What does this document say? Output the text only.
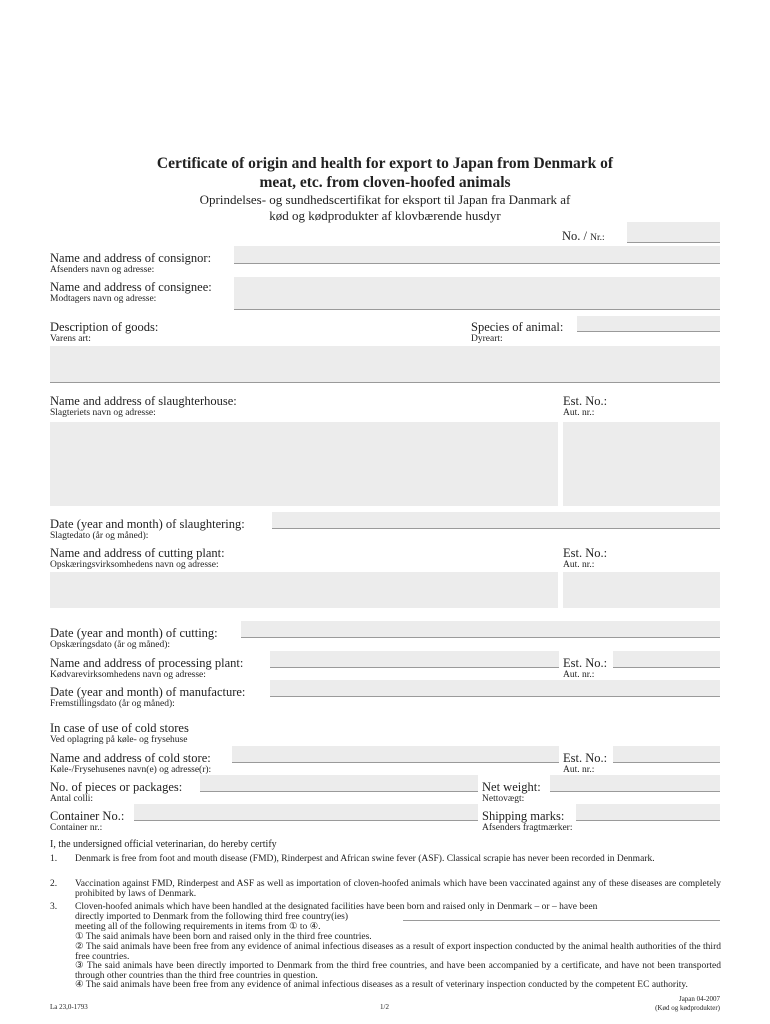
Certificate of origin and health for export to Japan from Denmark of
meat, etc. from cloven-hoofed animals
Oprindelses- og sundhedscertifikat for eksport til Japan fra Danmark af
kød og kødprodukter af klovbærende husdyr
No. / Nr.:
Name and address of consignor:
Afsenders navn og adresse:
Name and address of consignee:
Modtagers navn og adresse:
Description of goods:
Varens art:
Species of animal:
Dyreart:
Name and address of slaughterhouse:
Slagteriets navn og adresse:
Est. No.:
Aut. nr.:
Date (year and month) of slaughtering:
Slagtedato (år og måned):
Name and address of cutting plant:
Opskæringsvirksomhedens navn og adresse:
Est. No.:
Aut. nr.:
Date (year and month) of cutting:
Opskæringsdato (år og måned):
Name and address of processing plant:
Kødvarevirksomhedens navn og adresse:
Est. No.:
Aut. nr.:
Date (year and month) of manufacture:
Fremstillingsdato (år og måned):
In case of use of cold stores
Ved oplagring på køle- og frysehuse
Name and address of cold store:
Køle-/Frysehusenes navn(e) og adresse(r):
Est. No.:
Aut. nr.:
No. of pieces or packages:
Antal colli:
Net weight:
Nettovægt:
Container No.:
Container nr.:
Shipping marks:
Afsenders fragtmærker:
I, the undersigned official veterinarian, do hereby certify
1. Denmark is free from foot and mouth disease (FMD), Rinderpest and African swine fever (ASF). Classical scrapie has never been recorded in Denmark.
2. Vaccination against FMD, Rinderpest and ASF as well as importation of cloven-hoofed animals which have been vaccinated against any of these diseases are completely prohibited by laws of Denmark.
3. Cloven-hoofed animals which have been handled at the designated facilities have been born and raised only in Denmark – or – have been
directly imported to Denmark from the following third free country(ies)
meeting all of the following requirements in items from ① to ④.
① The said animals have been born and raised only in the third free countries.
② The said animals have been free from any evidence of animal infectious diseases as a result of export inspection conducted by the animal health authorities of the third free countries.
③ The said animals have been directly imported to Denmark from the third free countries, and have been accompanied by a certificate, and have not been transported through other countries than the third free countries in question.
④ The said animals have been free from any evidence of animal infectious diseases as a result of veterinary inspection conducted by the competent EC authority.
La 23,0-1793	1/2
Japan 04-2007
(Kød og kødprodukter)
